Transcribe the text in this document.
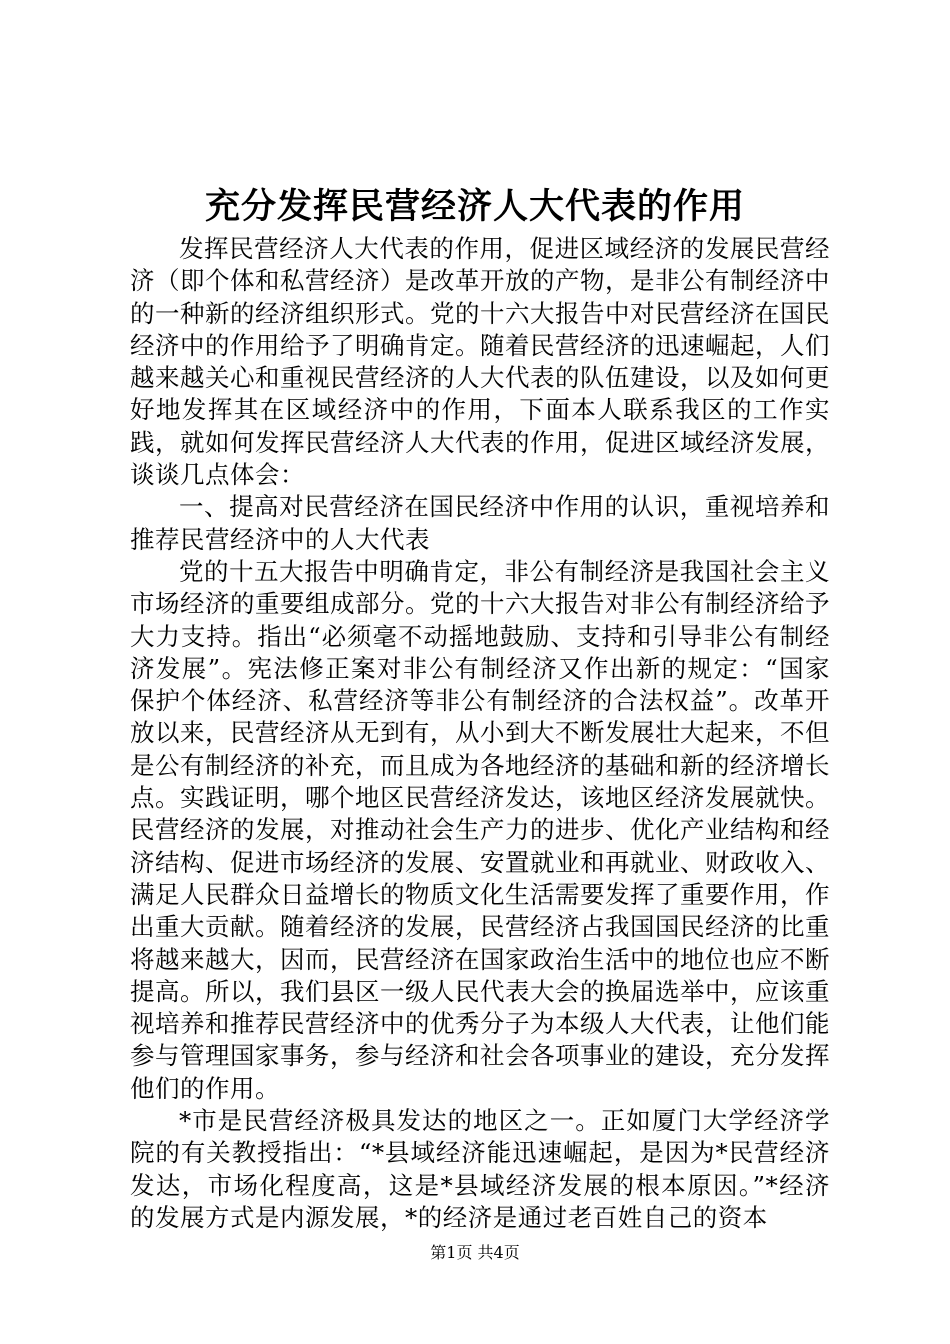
充分发挥民营经济人大代表的作用

发挥民营经济人大代表的作用，促进区域经济的发展民营经济（即个体和私营经济）是改革开放的产物，是非公有制经济中的一种新的经济组织形式。党的十六大报告中对民营经济在国民经济中的作用给予了明确肯定。随着民营经济的迅速崛起，人们越来越关心和重视民营经济的人大代表的队伍建设，以及如何更好地发挥其在区域经济中的作用，下面本人联系我区的工作实践，就如何发挥民营经济人大代表的作用，促进区域经济发展，谈谈几点体会：

一、提高对民营经济在国民经济中作用的认识，重视培养和推荐民营经济中的人大代表

党的十五大报告中明确肯定，非公有制经济是我国社会主义市场经济的重要组成部分。党的十六大报告对非公有制经济给予大力支持。指出“必须毫不动摇地鼓励、支持和引导非公有制经济发展”。宪法修正案对非公有制经济又作出新的规定：“国家保护个体经济、私营经济等非公有制经济的合法权益”。改革开放以来，民营经济从无到有，从小到大不断发展壮大起来，不但是公有制经济的补充，而且成为各地经济的基础和新的经济增长点。实践证明，哪个地区民营经济发达，该地区经济发展就快。民营经济的发展，对推动社会生产力的进步、优化产业结构和经济结构、促进市场经济的发展、安置就业和再就业、财政收入、满足人民群众日益增长的物质文化生活需要发挥了重要作用，作出重大贡献。随着经济的发展，民营经济占我国国民经济的比重将越来越大，因而，民营经济在国家政治生活中的地位也应不断提高。所以，我们县区一级人民代表大会的换届选举中，应该重视培养和推荐民营经济中的优秀分子为本级人大代表，让他们能参与管理国家事务，参与经济和社会各项事业的建设，充分发挥他们的作用。

*市是民营经济极具发达的地区之一。正如厦门大学经济学院的有关教授指出：“*县域经济能迅速崛起，是因为*民营经济发达，市场化程度高，这是*县域经济发展的根本原因。”*经济的发展方式是内源发展，*的经济是通过老百姓自己的资本

第1页 共4页
